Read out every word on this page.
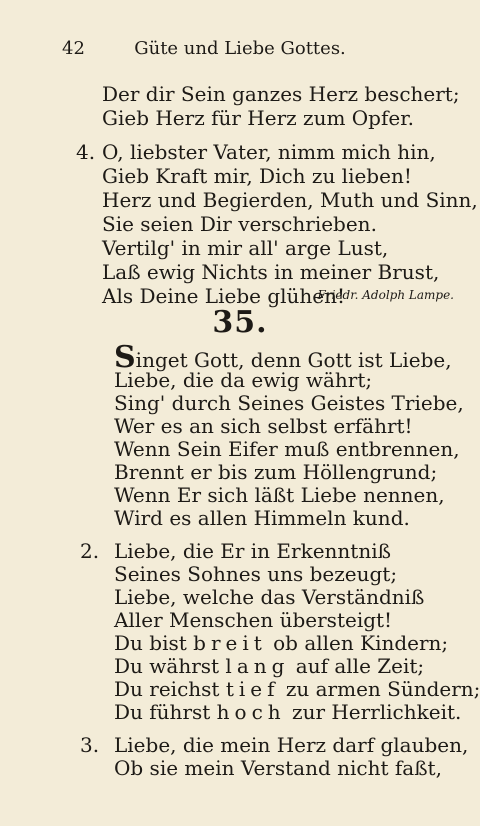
42	Güte und Liebe Gottes.
Der dir Sein ganzes Herz beschert;
Gieb Herz für Herz zum Opfer.
4. O, liebster Vater, nimm mich hin,
Gieb Kraft mir, Dich zu lieben!
Herz und Begierden, Muth und Sinn,
Sie seien Dir verschrieben.
Vertilg' in mir all' arge Lust,
Laß ewig Nichts in meiner Brust,
Als Deine Liebe glühen!
Friedr. Adolph Lampe.
35.
Singet Gott, denn Gott ist Liebe,
Liebe, die da ewig währt;
Sing' durch Seines Geistes Triebe,
Wer es an sich selbst erfährt!
Wenn Sein Eifer muß entbrennen,
Brennt er bis zum Höllengrund;
Wenn Er sich läßt Liebe nennen,
Wird es allen Himmeln kund.
2. Liebe, die Er in Erkenntniß
Seines Sohnes uns bezeugt;
Liebe, welche das Verständniß
Aller Menschen übersteigt!
Du bist breit ob allen Kindern;
Du währst lang auf alle Zeit;
Du reichst tief zu armen Sündern;
Du führst hoch zur Herrlichkeit.
3. Liebe, die mein Herz darf glauben,
Ob sie mein Verstand nicht faßt,
